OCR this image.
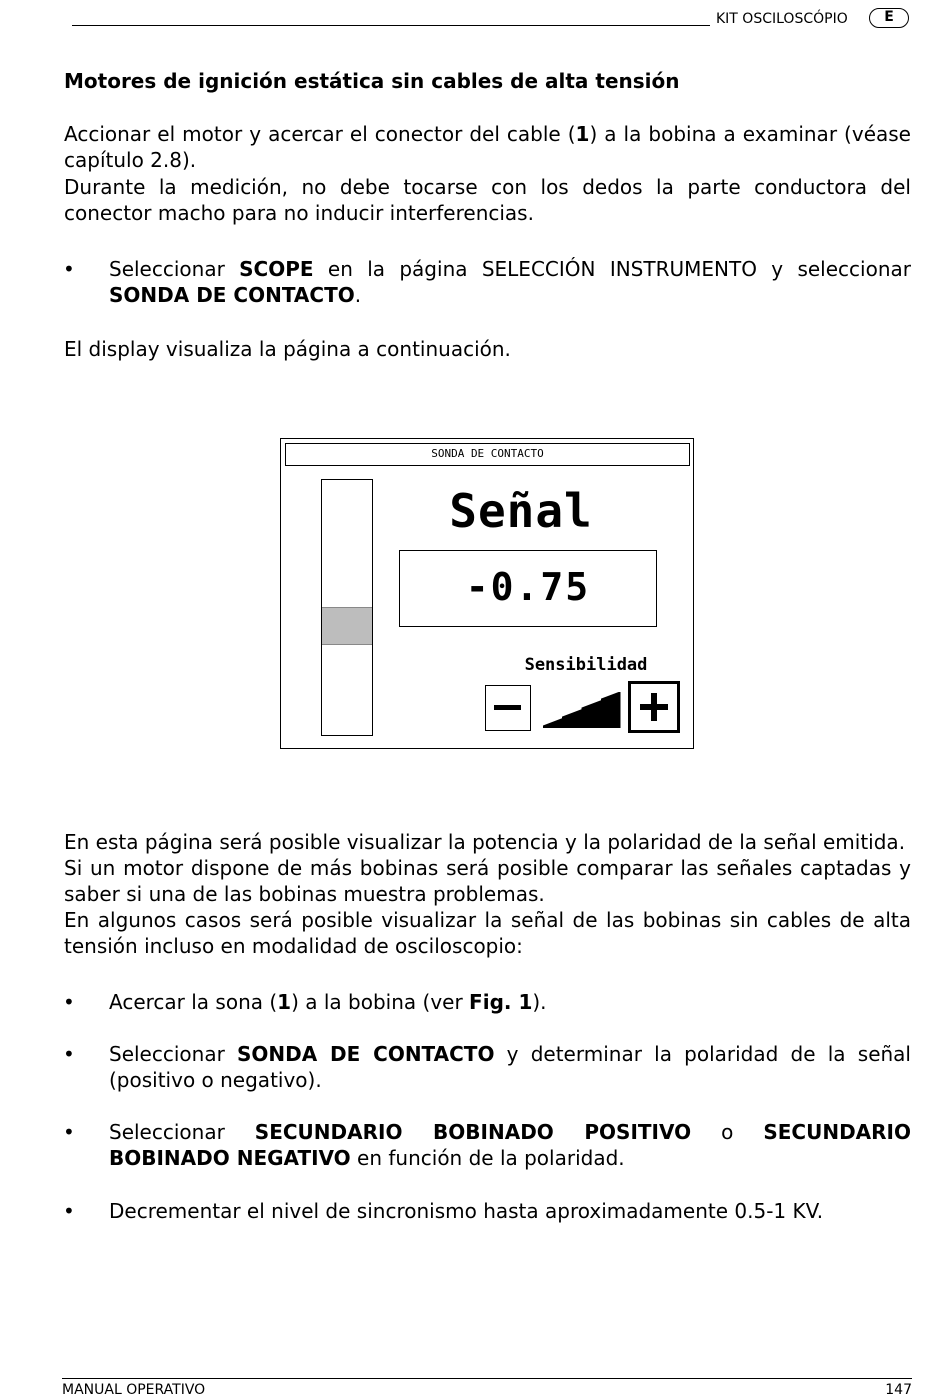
KIT OSCILOSCÓPIO	E
Motores de ignición estática sin cables de alta tensión
Accionar el motor y acercar el conector del cable (1) a la bobina a examinar (véase capítulo 2.8).
Durante la medición, no debe tocarse con los dedos la parte conductora del conector macho para no inducir interferencias.
• Seleccionar SCOPE en la página SELECCIÓN INSTRUMENTO y seleccionar SONDA DE CONTACTO.
El display visualiza la página a continuación.
SONDA DE CONTACTO
Señal
-0.75
Sensibilidad
En esta página será posible visualizar la potencia y la polaridad de la señal emitida.
Si un motor dispone de más bobinas será posible comparar las señales captadas y saber si una de las bobinas muestra problemas.
En algunos casos será posible visualizar la señal de las bobinas sin cables de alta tensión incluso en modalidad de osciloscopio:
• Acercar la sona (1) a la bobina (ver Fig. 1).
• Seleccionar SONDA DE CONTACTO y determinar la polaridad de la señal (positivo o negativo).
• Seleccionar SECUNDARIO BOBINADO POSITIVO o SECUNDARIO BOBINADO NEGATIVO en función de la polaridad.
• Decrementar el nivel de sincronismo hasta aproximadamente 0.5-1 KV.
MANUAL OPERATIVO	147
